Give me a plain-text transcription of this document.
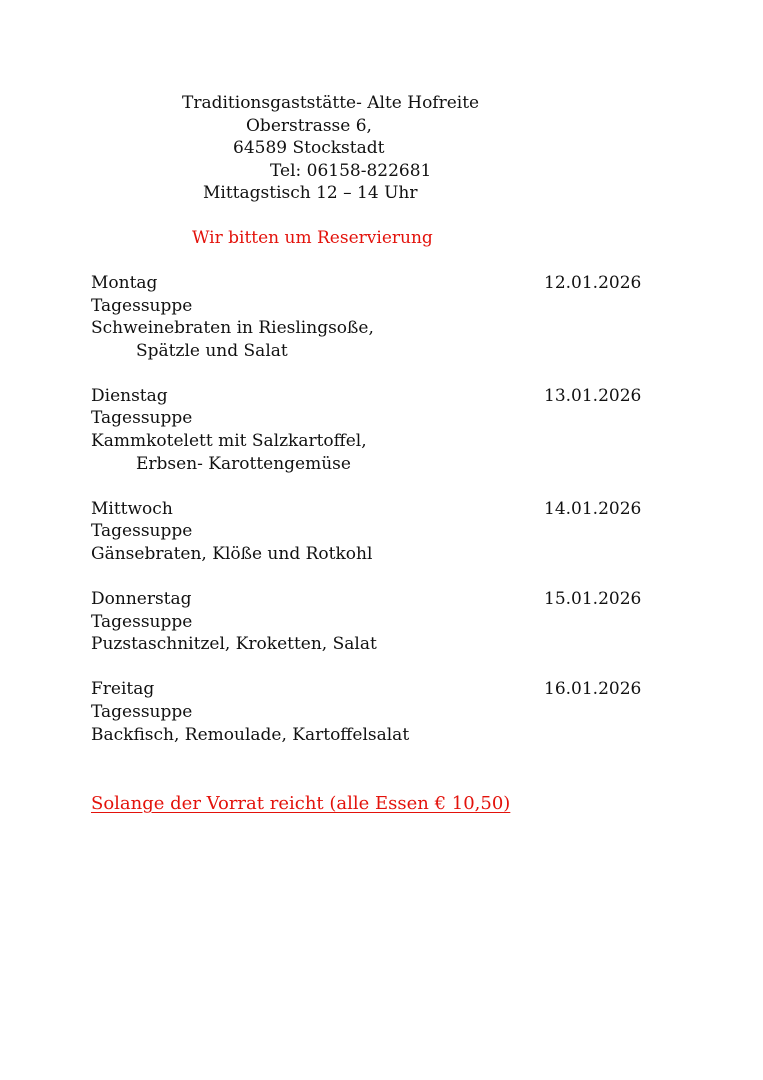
Traditionsgaststätte- Alte Hofreite
Oberstrasse 6,
64589 Stockstadt
Tel: 06158-822681
Mittagstisch 12 – 14 Uhr
Wir bitten um Reservierung
Montag	12.01.2026
Tagessuppe
Schweinebraten in Rieslingsoße,
Spätzle und Salat
Dienstag	13.01.2026
Tagessuppe
Kammkotelett mit Salzkartoffel,
Erbsen- Karottengemüse
Mittwoch	14.01.2026
Tagessuppe
Gänsebraten, Klöße und Rotkohl
Donnerstag	15.01.2026
Tagessuppe
Puzstaschnitzel, Kroketten, Salat
Freitag	16.01.2026
Tagessuppe
Backfisch, Remoulade, Kartoffelsalat
Solange der Vorrat reicht (alle Essen € 10,50)
